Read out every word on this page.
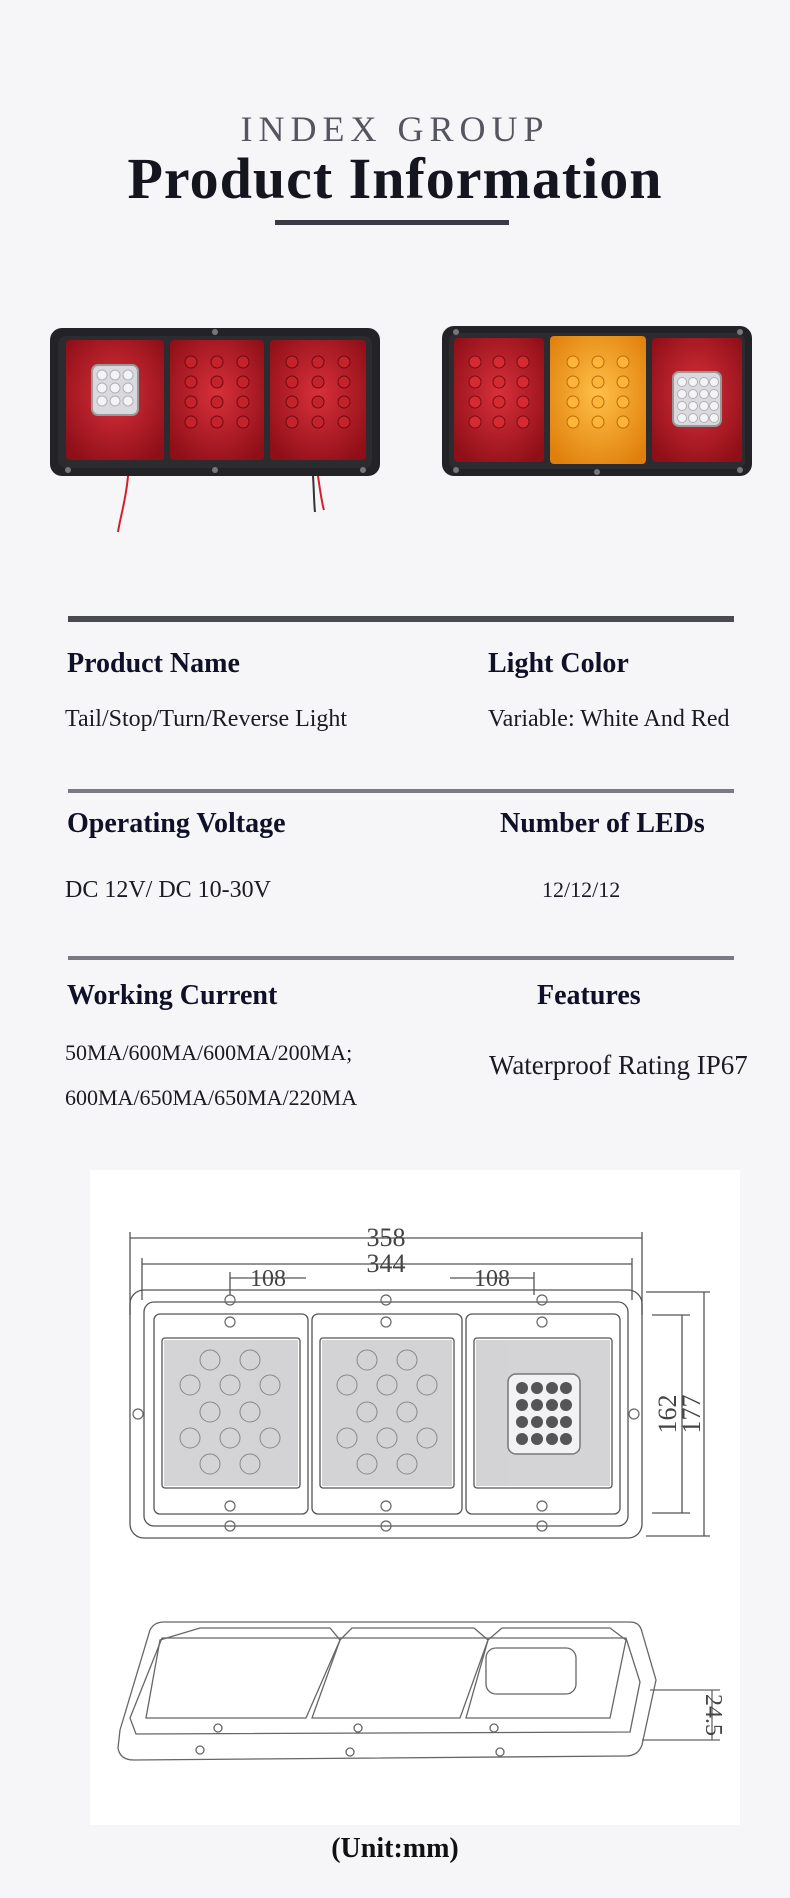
INDEX GROUP
Product Information
Product Name	Light Color
Tail/Stop/Turn/Reverse Light	Variable: White And Red
Operating Voltage	Number of LEDs
DC 12V/ DC 10-30V	12/12/12
Working Current	Features
50MA/600MA/600MA/200MA;
600MA/650MA/650MA/220MA
Waterproof Rating IP67
358
344
108	108
162
177
24.5
(Unit:mm)
